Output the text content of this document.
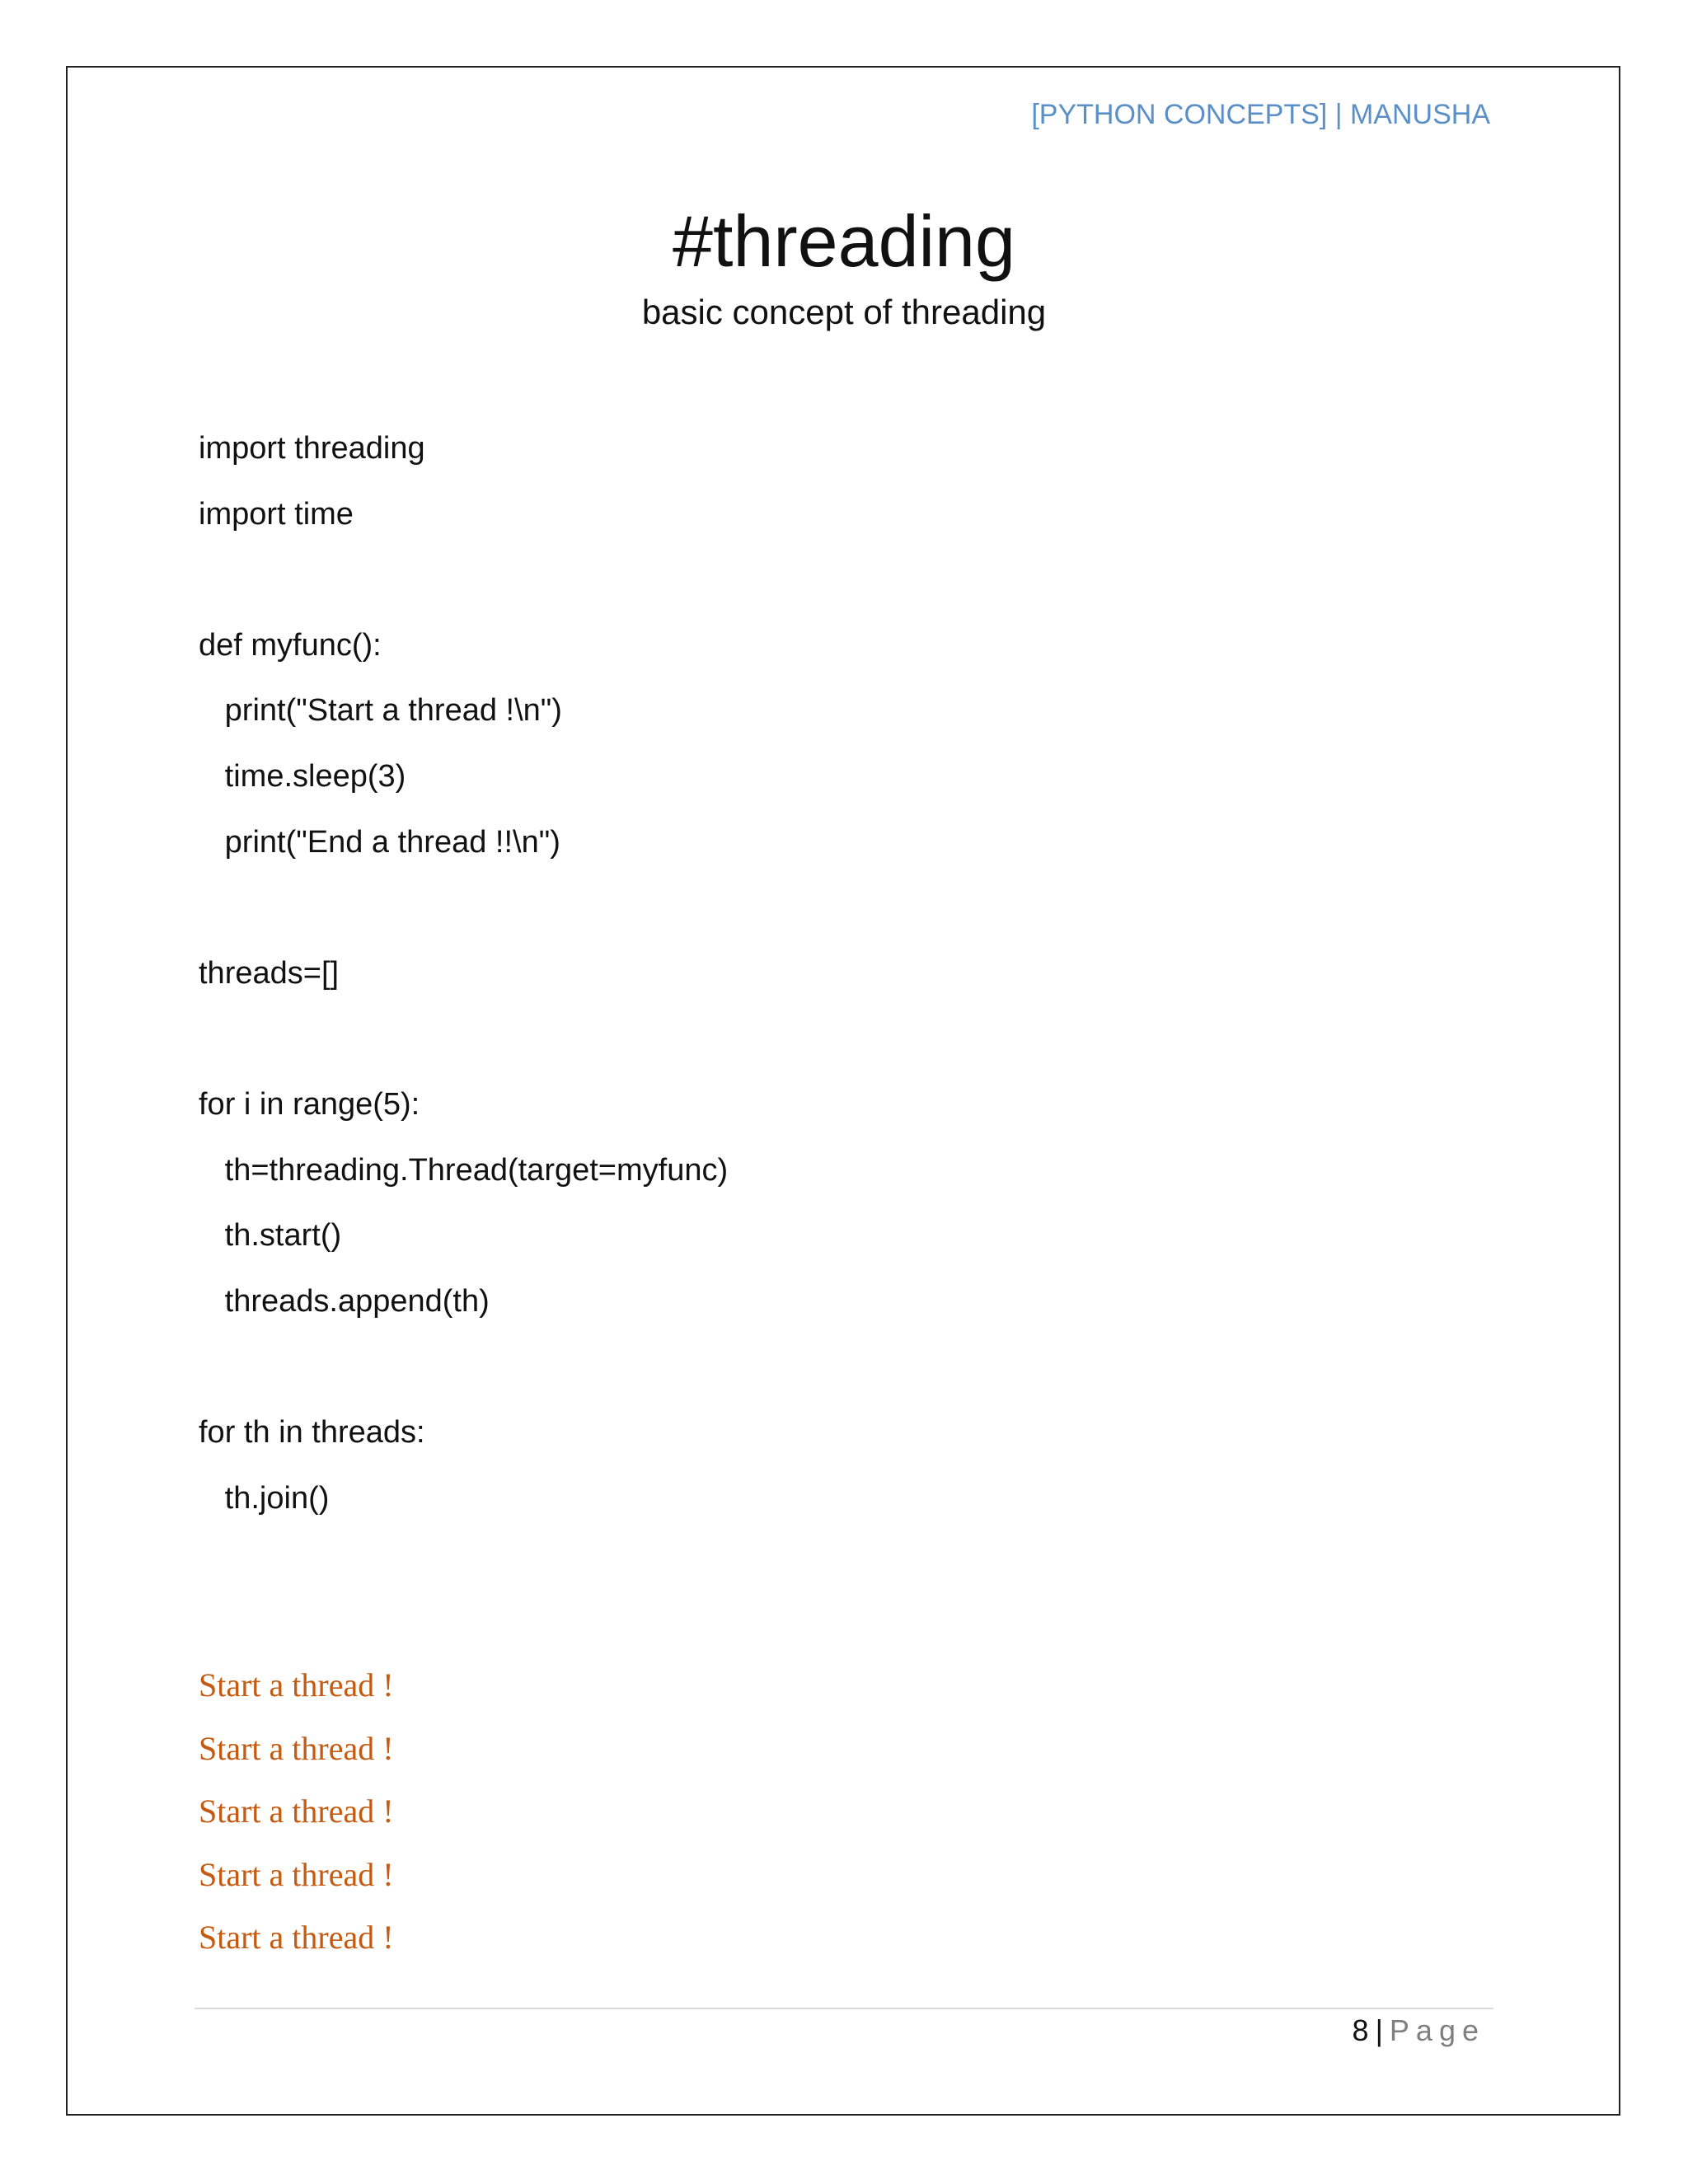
[PYTHON CONCEPTS] | MANUSHA
#threading
basic concept of threading
import threading
import time
def myfunc():
print("Start a thread !\n")
time.sleep(3)
print("End a thread !!\n")
threads=[]
for i in range(5):
th=threading.Thread(target=myfunc)
th.start()
threads.append(th)
for th in threads:
th.join()
Start a thread !
Start a thread !
Start a thread !
Start a thread !
Start a thread !
8 | Page
